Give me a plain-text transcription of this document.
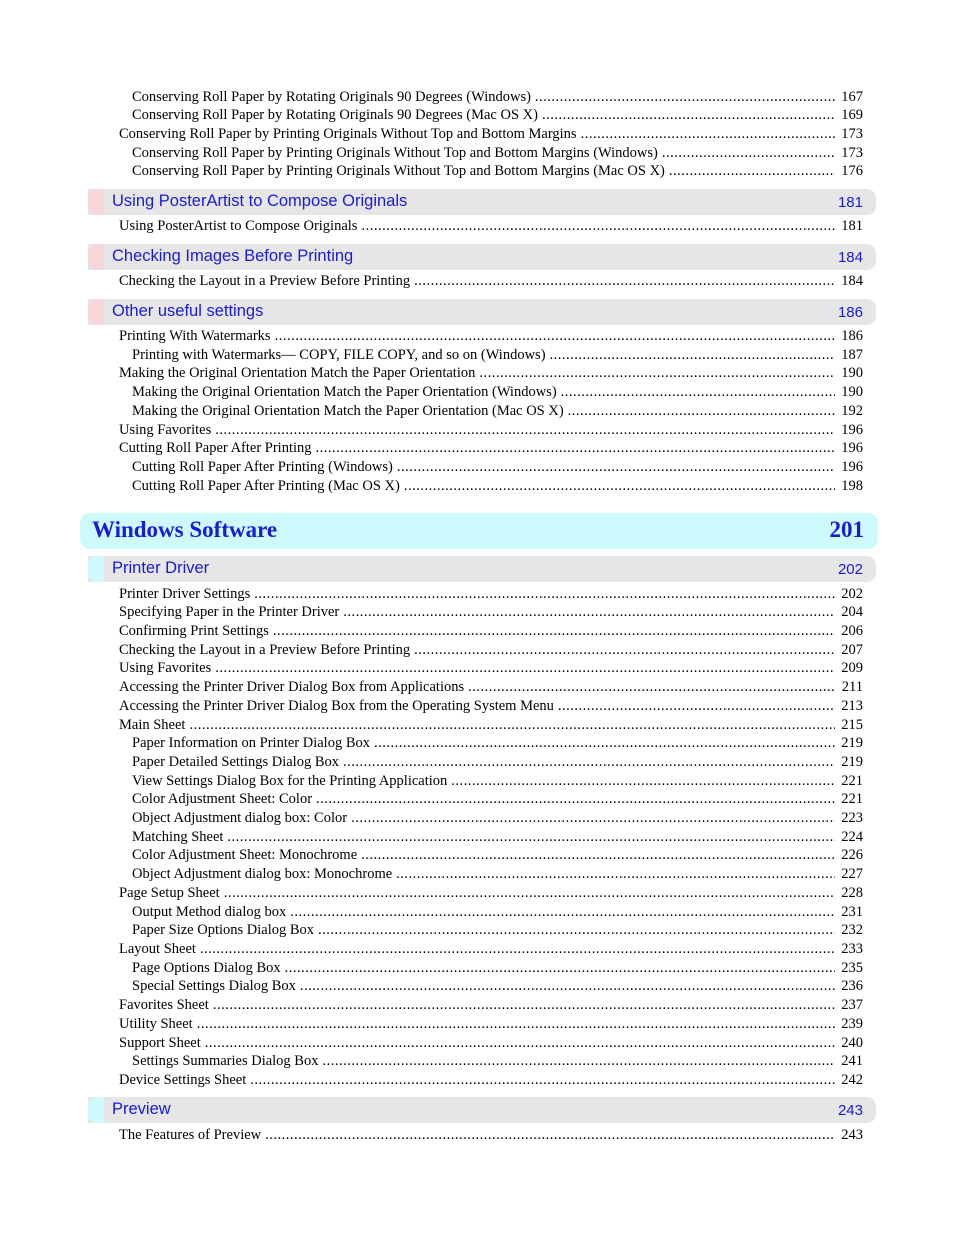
Conserving Roll Paper by Rotating Originals 90 Degrees (Windows) .....	167
Conserving Roll Paper by Rotating Originals 90 Degrees (Mac OS X) .....	169
Conserving Roll Paper by Printing Originals Without Top and Bottom Margins .....	173
Conserving Roll Paper by Printing Originals Without Top and Bottom Margins (Windows) .....	173
Conserving Roll Paper by Printing Originals Without Top and Bottom Margins (Mac OS X) .....	176
Using PosterArtist to Compose Originals	181
Using PosterArtist to Compose Originals .....	181
Checking Images Before Printing	184
Checking the Layout in a Preview Before Printing .....	184
Other useful settings	186
Printing With Watermarks .....	186
Printing with Watermarks— COPY, FILE COPY, and so on (Windows) .....	187
Making the Original Orientation Match the Paper Orientation .....	190
Making the Original Orientation Match the Paper Orientation (Windows) .....	190
Making the Original Orientation Match the Paper Orientation (Mac OS X) .....	192
Using Favorites .....	196
Cutting Roll Paper After Printing .....	196
Cutting Roll Paper After Printing (Windows) .....	196
Cutting Roll Paper After Printing (Mac OS X) .....	198
Windows Software	201
Printer Driver	202
Printer Driver Settings .....	202
Specifying Paper in the Printer Driver .....	204
Confirming Print Settings .....	206
Checking the Layout in a Preview Before Printing .....	207
Using Favorites .....	209
Accessing the Printer Driver Dialog Box from Applications .....	211
Accessing the Printer Driver Dialog Box from the Operating System Menu .....	213
Main Sheet .....	215
Paper Information on Printer Dialog Box .....	219
Paper Detailed Settings Dialog Box .....	219
View Settings Dialog Box for the Printing Application .....	221
Color Adjustment Sheet: Color .....	221
Object Adjustment dialog box: Color .....	223
Matching Sheet .....	224
Color Adjustment Sheet: Monochrome .....	226
Object Adjustment dialog box: Monochrome .....	227
Page Setup Sheet .....	228
Output Method dialog box .....	231
Paper Size Options Dialog Box .....	232
Layout Sheet .....	233
Page Options Dialog Box .....	235
Special Settings Dialog Box .....	236
Favorites Sheet .....	237
Utility Sheet .....	239
Support Sheet .....	240
Settings Summaries Dialog Box .....	241
Device Settings Sheet .....	242
Preview	243
The Features of Preview .....	243
